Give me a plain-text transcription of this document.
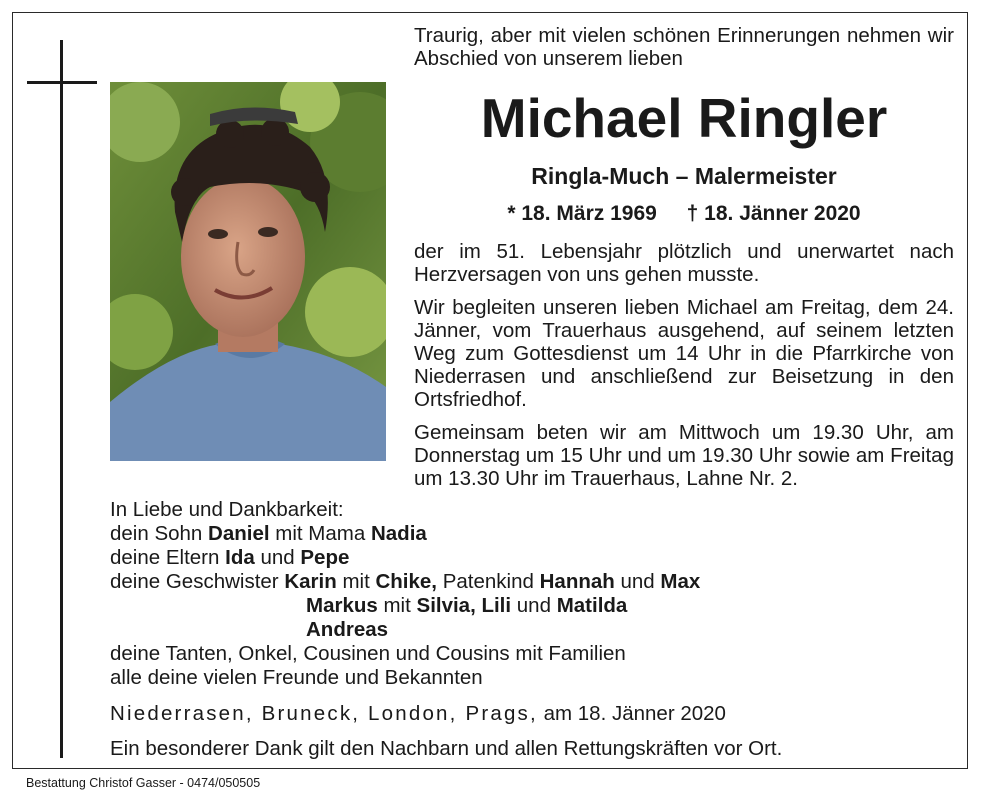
Traurig, aber mit vielen schönen Erinnerungen nehmen wir Abschied von unserem lieben
Michael Ringler
Ringla-Much – Malermeister
* 18. März 1969 † 18. Jänner 2020
der im 51. Lebensjahr plötzlich und unerwartet nach Herzversagen von uns gehen musste.
Wir begleiten unseren lieben Michael am Freitag, dem 24. Jänner, vom Trauerhaus ausgehend, auf seinem letzten Weg zum Gottesdienst um 14 Uhr in die Pfarrkirche von Niederrasen und anschließend zur Beisetzung in den Ortsfriedhof.
Gemeinsam beten wir am Mittwoch um 19.30 Uhr, am Donnerstag um 15 Uhr und um 19.30 Uhr sowie am Freitag um 13.30 Uhr im Trauerhaus, Lahne Nr. 2.
In Liebe und Dankbarkeit:
dein Sohn Daniel mit Mama Nadia
deine Eltern Ida und Pepe
deine Geschwister Karin mit Chike, Patenkind Hannah und Max
Markus mit Silvia, Lili und Matilda
Andreas
deine Tanten, Onkel, Cousinen und Cousins mit Familien
alle deine vielen Freunde und Bekannten
Niederrasen, Bruneck, London, Prags, am 18. Jänner 2020
Ein besonderer Dank gilt den Nachbarn und allen Rettungskräften vor Ort.
Bestattung Christof Gasser - 0474/050505
